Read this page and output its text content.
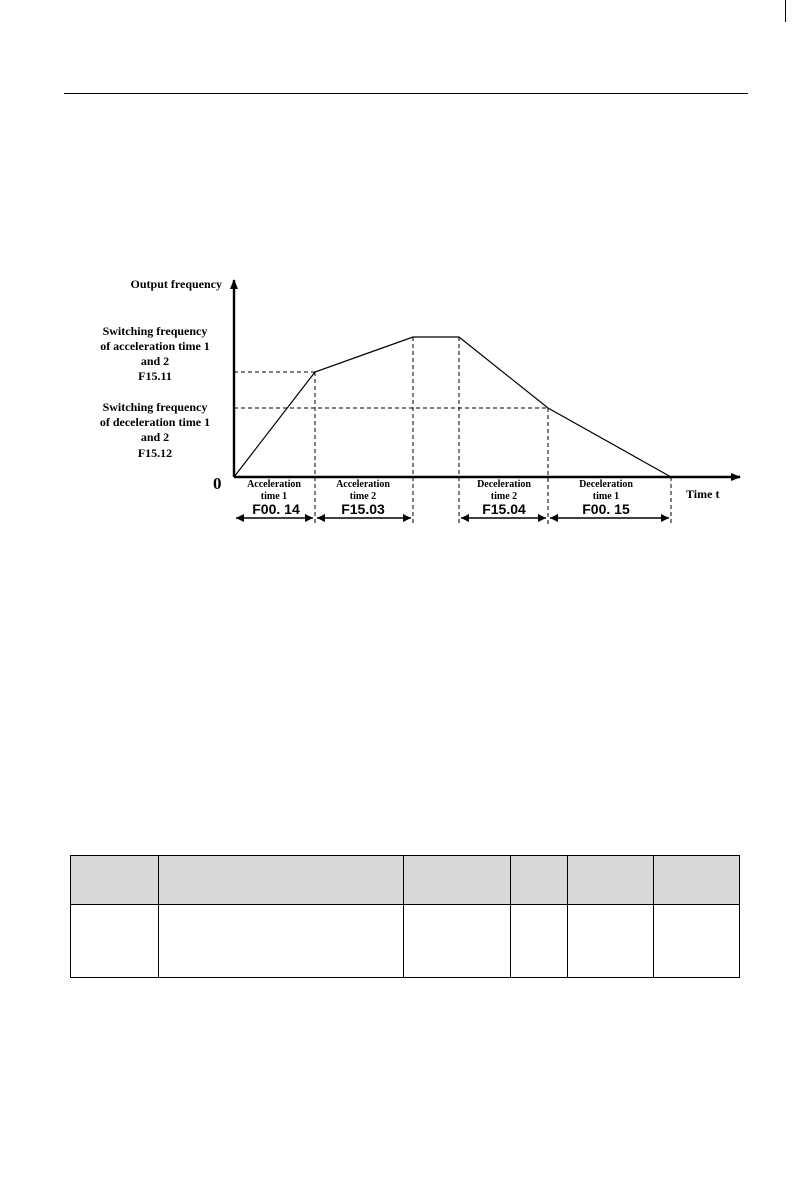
Output frequency
Time t
0
Switching frequency
of acceleration time 1
and 2
F15.11
Switching frequency
of deceleration time 1
and 2
F15.12
Acceleration
time 1
F00. 14
Acceleration
time 2
F15.03
Deceleration
time 2
F15.04
Deceleration
time 1
F00. 15
